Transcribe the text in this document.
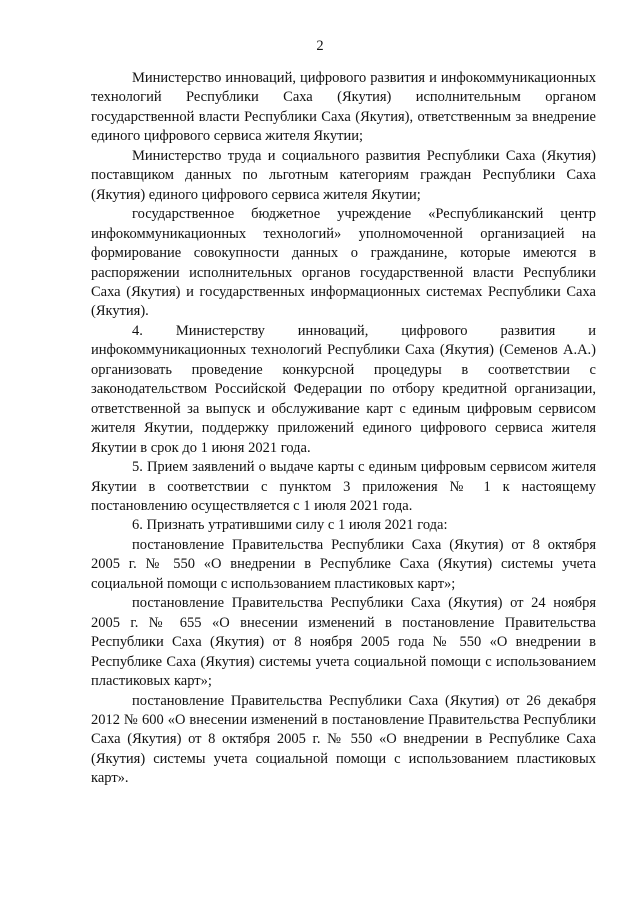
2

Министерство инноваций, цифрового развития и инфокоммуникационных технологий Республики Саха (Якутия) исполнительным органом государственной власти Республики Саха (Якутия), ответственным за внедрение единого цифрового сервиса жителя Якутии;

Министерство труда и социального развития Республики Саха (Якутия) поставщиком данных по льготным категориям граждан Республики Саха (Якутия) единого цифрового сервиса жителя Якутии;

государственное бюджетное учреждение «Республиканский центр инфокоммуникационных технологий» уполномоченной организацией на формирование совокупности данных о гражданине, которые имеются в распоряжении исполнительных органов государственной власти Республики Саха (Якутия) и государственных информационных системах Республики Саха (Якутия).

4. Министерству инноваций, цифрового развития и инфокоммуникационных технологий Республики Саха (Якутия) (Семенов А.А.) организовать проведение конкурсной процедуры в соответствии с законодательством Российской Федерации по отбору кредитной организации, ответственной за выпуск и обслуживание карт с единым цифровым сервисом жителя Якутии, поддержку приложений единого цифрового сервиса жителя Якутии в срок до 1 июня 2021 года.

5. Прием заявлений о выдаче карты с единым цифровым сервисом жителя Якутии в соответствии с пунктом 3 приложения № 1 к настоящему постановлению осуществляется с 1 июля 2021 года.

6. Признать утратившими силу с 1 июля 2021 года:

постановление Правительства Республики Саха (Якутия) от 8 октября 2005 г. № 550 «О внедрении в Республике Саха (Якутия) системы учета социальной помощи с использованием пластиковых карт»;

постановление Правительства Республики Саха (Якутия) от 24 ноября 2005 г. № 655 «О внесении изменений в постановление Правительства Республики Саха (Якутия) от 8 ноября 2005 года № 550 «О внедрении в Республике Саха (Якутия) системы учета социальной помощи с использованием пластиковых карт»;

постановление Правительства Республики Саха (Якутия) от 26 декабря 2012 № 600 «О внесении изменений в постановление Правительства Республики Саха (Якутия) от 8 октября 2005 г. № 550 «О внедрении в Республике Саха (Якутия) системы учета социальной помощи с использованием пластиковых карт».
